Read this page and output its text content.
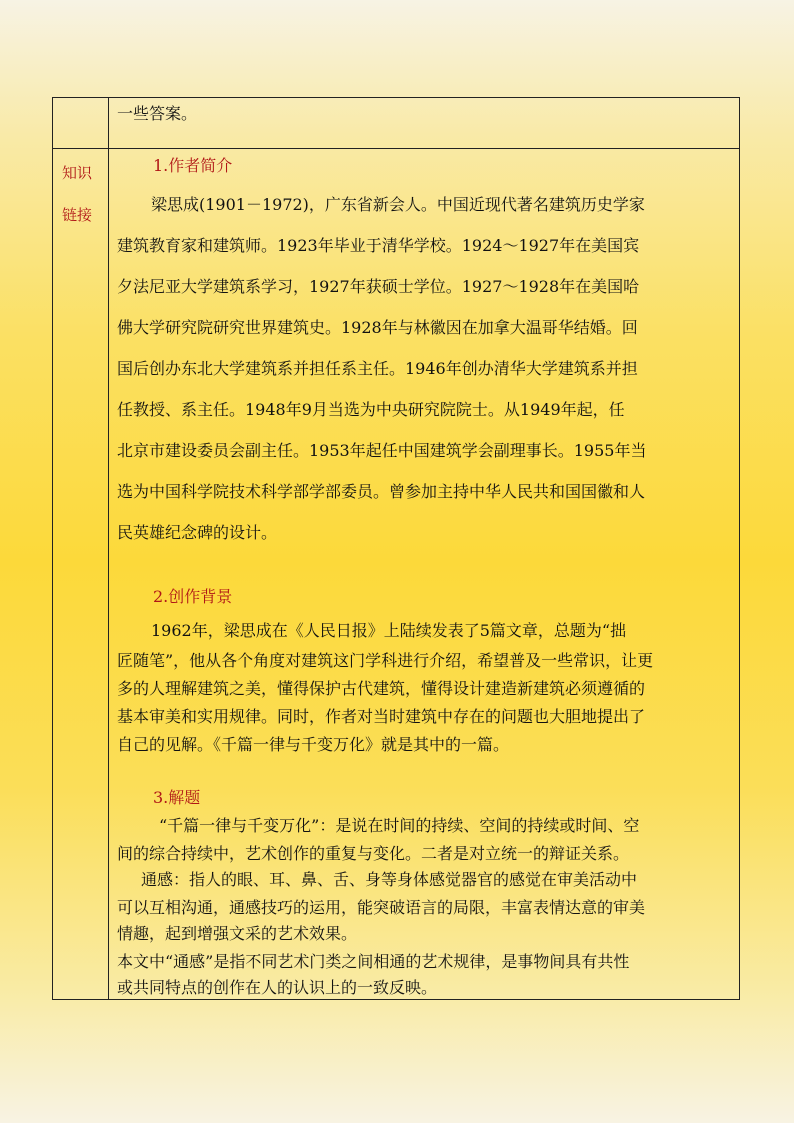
一些答案。
知识
链接
1.作者简介
梁思成(1901－1972)，广东省新会人。中国近现代著名建筑历史学家
建筑教育家和建筑师。1923年毕业于清华学校。1924～1927年在美国宾
夕法尼亚大学建筑系学习，1927年获硕士学位。1927～1928年在美国哈
佛大学研究院研究世界建筑史。1928年与林徽因在加拿大温哥华结婚。回
国后创办东北大学建筑系并担任系主任。1946年创办清华大学建筑系并担
任教授、系主任。1948年9月当选为中央研究院院士。从1949年起，任
北京市建设委员会副主任。1953年起任中国建筑学会副理事长。1955年当
选为中国科学院技术科学部学部委员。曾参加主持中华人民共和国国徽和人
民英雄纪念碑的设计。
2.创作背景
1962年，梁思成在《人民日报》上陆续发表了5篇文章，总题为“拙
匠随笔”，他从各个角度对建筑这门学科进行介绍，希望普及一些常识，让更
多的人理解建筑之美，懂得保护古代建筑，懂得设计建造新建筑必须遵循的
基本审美和实用规律。同时，作者对当时建筑中存在的问题也大胆地提出了
自己的见解。《千篇一律与千变万化》就是其中的一篇。
3.解题
“千篇一律与千变万化”：是说在时间的持续、空间的持续或时间、空
间的综合持续中，艺术创作的重复与变化。二者是对立统一的辩证关系。
通感：指人的眼、耳、鼻、舌、身等身体感觉器官的感觉在审美活动中
可以互相沟通，通感技巧的运用，能突破语言的局限，丰富表情达意的审美
情趣，起到增强文采的艺术效果。
本文中“通感”是指不同艺术门类之间相通的艺术规律，是事物间具有共性
或共同特点的创作在人的认识上的一致反映。
